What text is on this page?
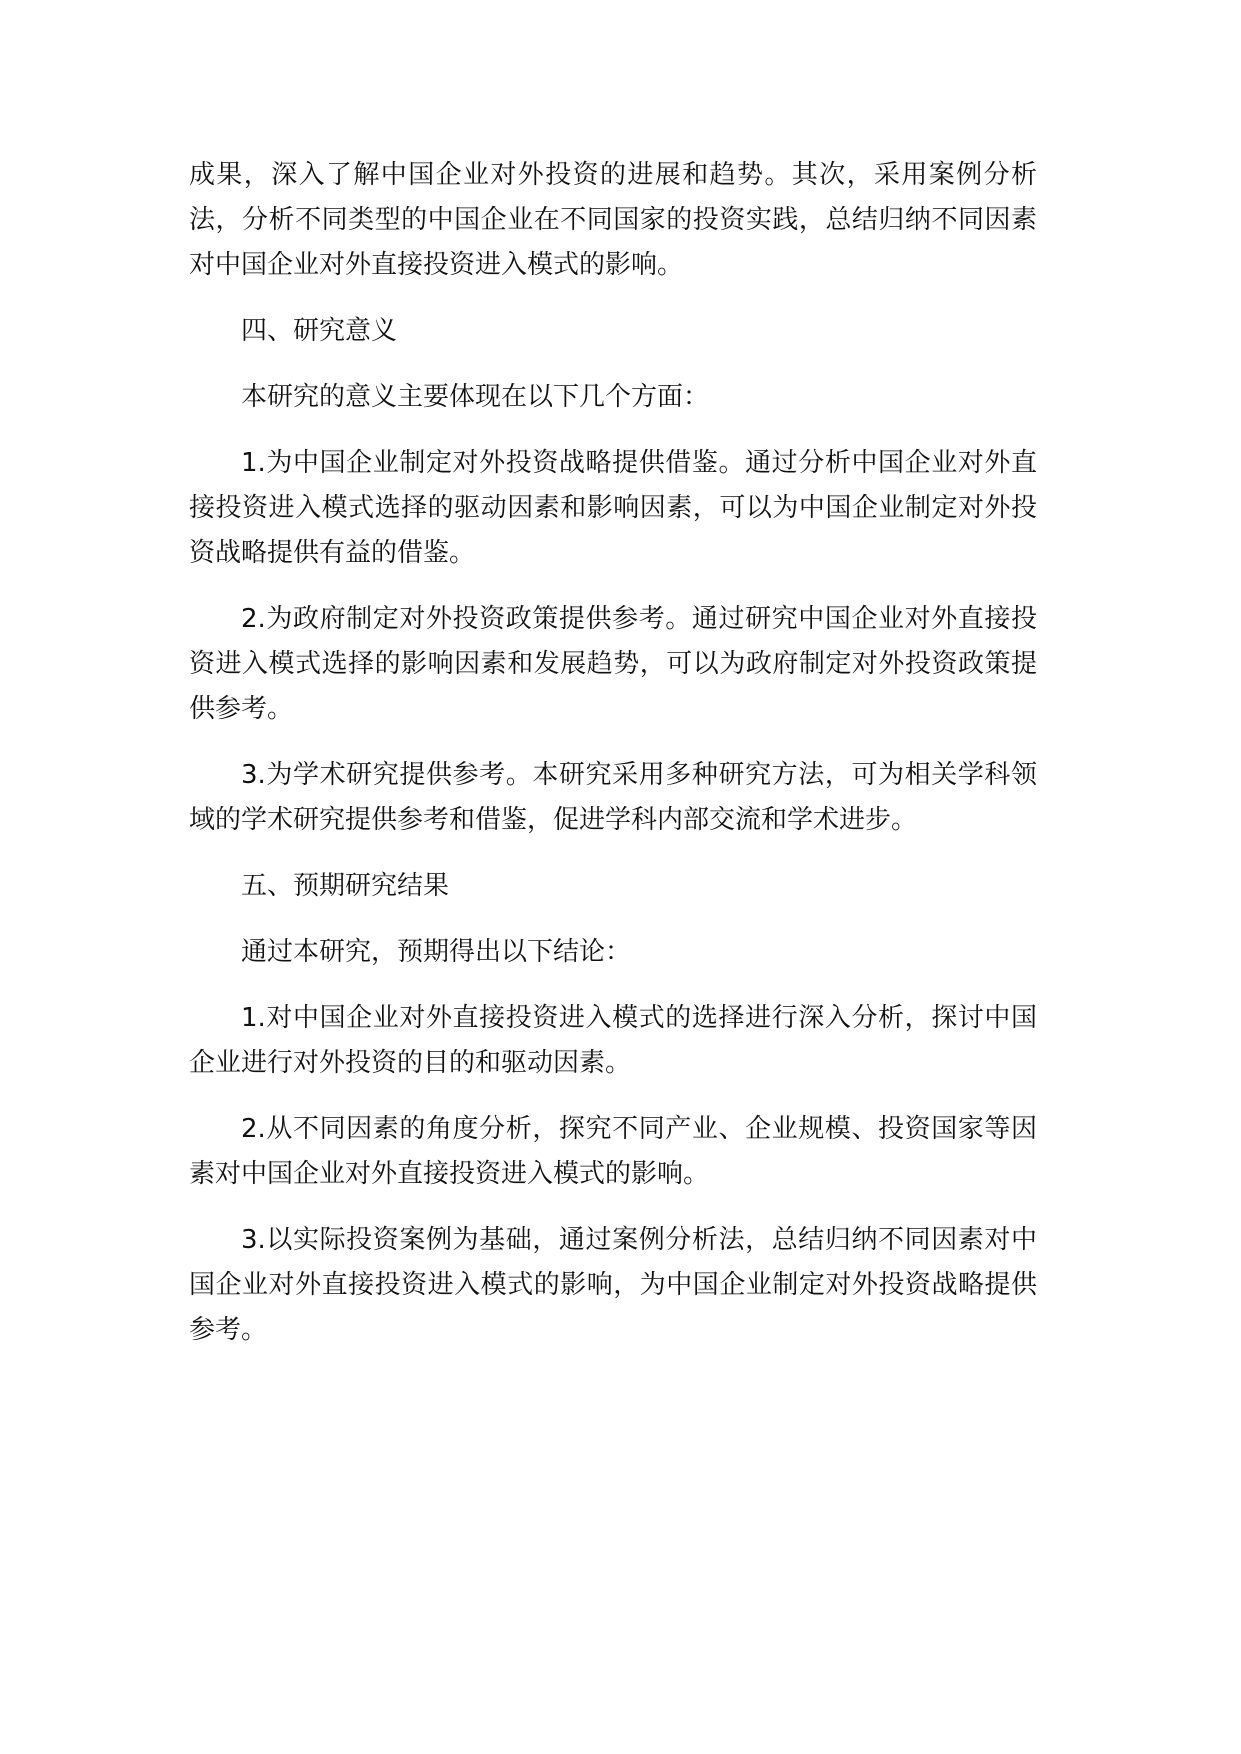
成果，深入了解中国企业对外投资的进展和趋势。其次，采用案例分析法，分析不同类型的中国企业在不同国家的投资实践，总结归纳不同因素对中国企业对外直接投资进入模式的影响。

四、研究意义

本研究的意义主要体现在以下几个方面：

1.为中国企业制定对外投资战略提供借鉴。通过分析中国企业对外直接投资进入模式选择的驱动因素和影响因素，可以为中国企业制定对外投资战略提供有益的借鉴。

2.为政府制定对外投资政策提供参考。通过研究中国企业对外直接投资进入模式选择的影响因素和发展趋势，可以为政府制定对外投资政策提供参考。

3.为学术研究提供参考。本研究采用多种研究方法，可为相关学科领域的学术研究提供参考和借鉴，促进学科内部交流和学术进步。

五、预期研究结果

通过本研究，预期得出以下结论：

1.对中国企业对外直接投资进入模式的选择进行深入分析，探讨中国企业进行对外投资的目的和驱动因素。

2.从不同因素的角度分析，探究不同产业、企业规模、投资国家等因素对中国企业对外直接投资进入模式的影响。

3.以实际投资案例为基础，通过案例分析法，总结归纳不同因素对中国企业对外直接投资进入模式的影响，为中国企业制定对外投资战略提供参考。
